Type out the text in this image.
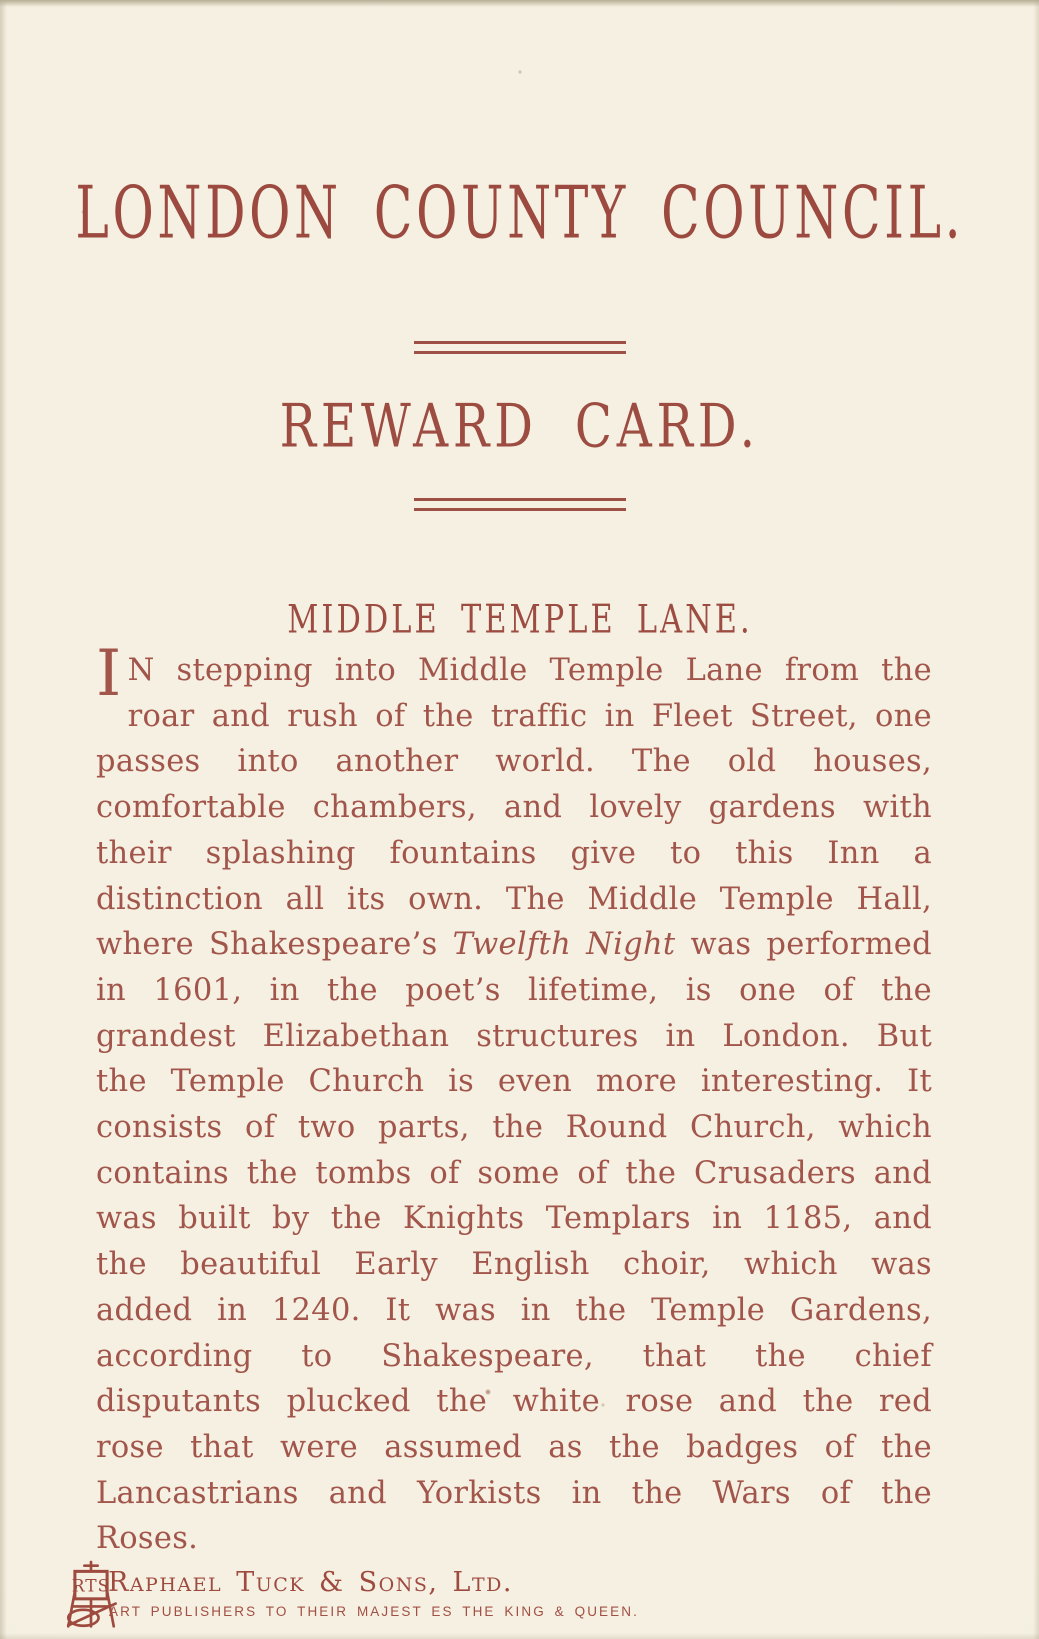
LONDON COUNTY COUNCIL.
REWARD CARD.
MIDDLE TEMPLE LANE.

I N stepping into Middle Temple Lane from the roar and rush of the traffic in Fleet Street, one passes into another world. The old houses, comfortable chambers, and lovely gardens with their splashing fountains give to this Inn a distinction all its own. The Middle Temple Hall, where Shakespeare’s Twelfth Night was performed in 1601, in the poet’s lifetime, is one of the grandest Elizabethan structures in London. But the Temple Church is even more interesting. It consists of two parts, the Round Church, which contains the tombs of some of the Crusaders and was built by the Knights Templars in 1185, and the beautiful Early English choir, which was added in 1240. It was in the Temple Gardens, according to Shakespeare, that the chief disputants plucked the white rose and the red rose that were assumed as the badges of the Lancastrians and Yorkists in the Wars of the Roses.

RTS
Raphael Tuck & Sons, Ltd.
ART PUBLISHERS TO THEIR MAJEST ES THE KING & QUEEN.
